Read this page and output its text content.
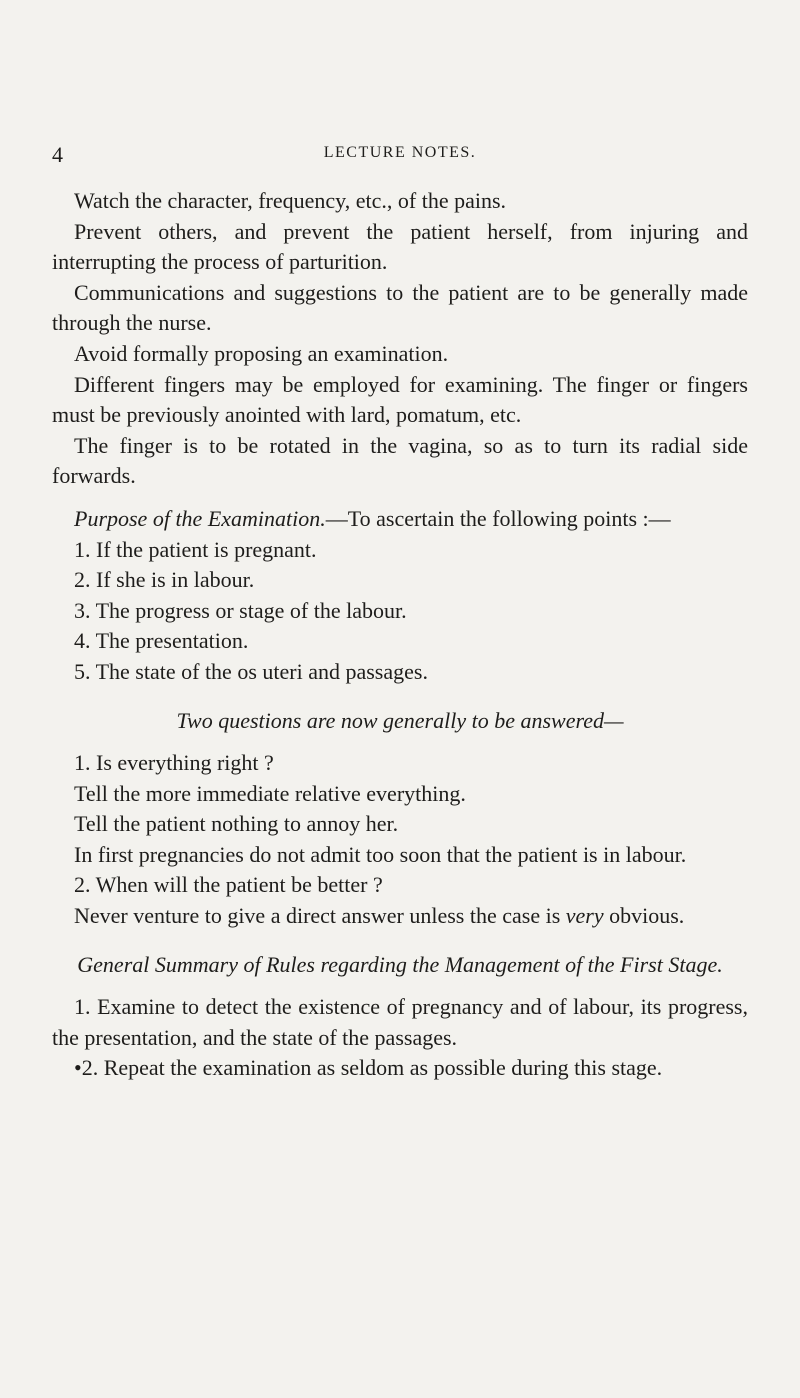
4	LECTURE NOTES.

Watch the character, frequency, etc., of the pains.

Prevent others, and prevent the patient herself, from injuring and interrupting the process of parturition.

Communications and suggestions to the patient are to be generally made through the nurse.

Avoid formally proposing an examination.

Different fingers may be employed for examining. The finger or fingers must be previously anointed with lard, pomatum, etc.

The finger is to be rotated in the vagina, so as to turn its radial side forwards.

Purpose of the Examination.—To ascertain the following points :—

1. If the patient is pregnant.

2. If she is in labour.

3. The progress or stage of the labour.

4. The presentation.

5. The state of the os uteri and passages.

Two questions are now generally to be answered—

1. Is everything right ?

Tell the more immediate relative everything.

Tell the patient nothing to annoy her.

In first pregnancies do not admit too soon that the patient is in labour.

2. When will the patient be better ?

Never venture to give a direct answer unless the case is very obvious.

General Summary of Rules regarding the Management of the First Stage.

1. Examine to detect the existence of pregnancy and of labour, its progress, the presentation, and the state of the passages.

•2. Repeat the examination as seldom as possible during this stage.
